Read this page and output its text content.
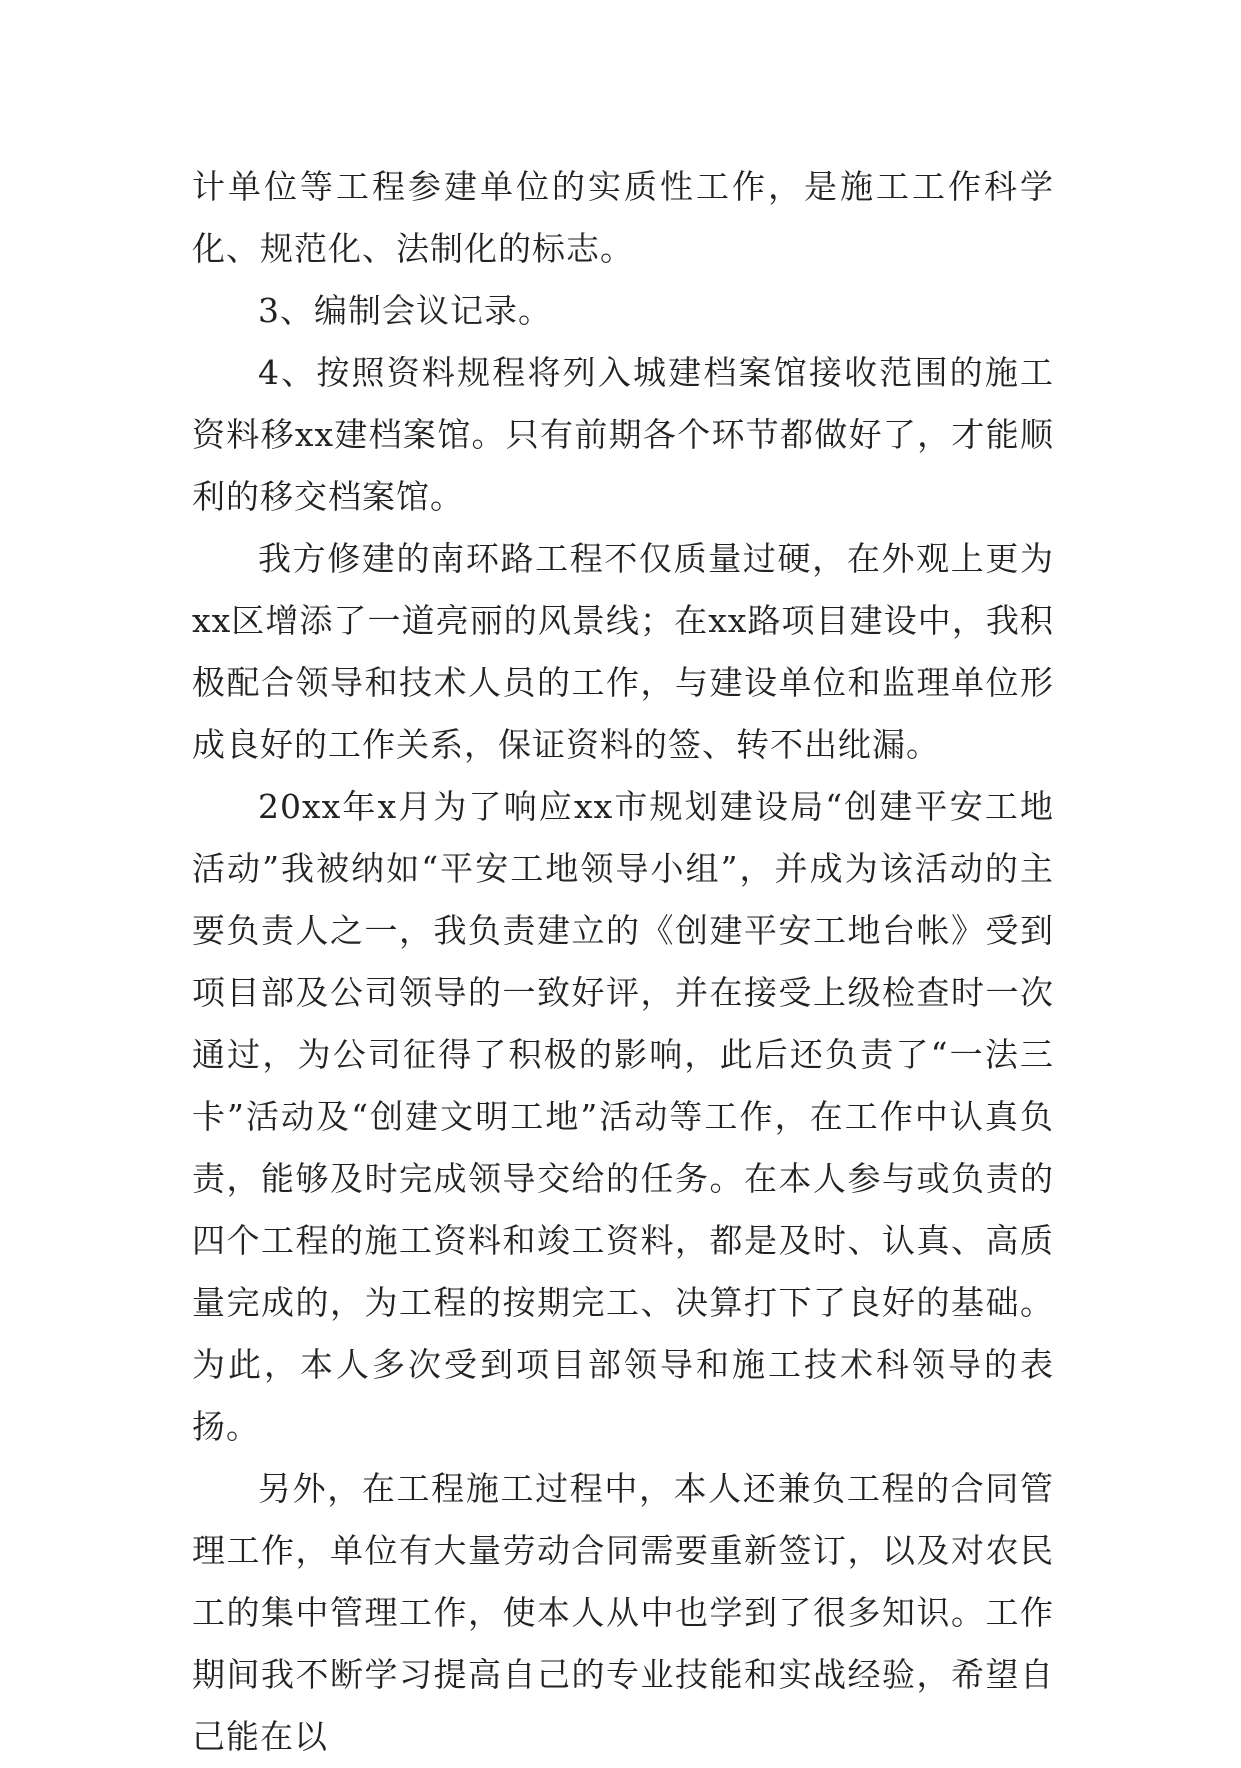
计单位等工程参建单位的实质性工作，是施工工作科学化、规范化、法制化的标志。

3、编制会议记录。

4、按照资料规程将列入城建档案馆接收范围的施工资料移xx建档案馆。只有前期各个环节都做好了，才能顺利的移交档案馆。

我方修建的南环路工程不仅质量过硬，在外观上更为xx区增添了一道亮丽的风景线；在xx路项目建设中，我积极配合领导和技术人员的工作，与建设单位和监理单位形成良好的工作关系，保证资料的签、转不出纰漏。

20xx年x月为了响应xx市规划建设局“创建平安工地活动”我被纳如“平安工地领导小组”，并成为该活动的主要负责人之一，我负责建立的《创建平安工地台帐》受到项目部及公司领导的一致好评，并在接受上级检查时一次通过，为公司征得了积极的影响，此后还负责了“一法三卡”活动及“创建文明工地”活动等工作，在工作中认真负责，能够及时完成领导交给的任务。在本人参与或负责的四个工程的施工资料和竣工资料，都是及时、认真、高质量完成的，为工程的按期完工、决算打下了良好的基础。为此，本人多次受到项目部领导和施工技术科领导的表扬。

另外，在工程施工过程中，本人还兼负工程的合同管理工作，单位有大量劳动合同需要重新签订，以及对农民工的集中管理工作，使本人从中也学到了很多知识。工作期间我不断学习提高自己的专业技能和实战经验，希望自己能在以
